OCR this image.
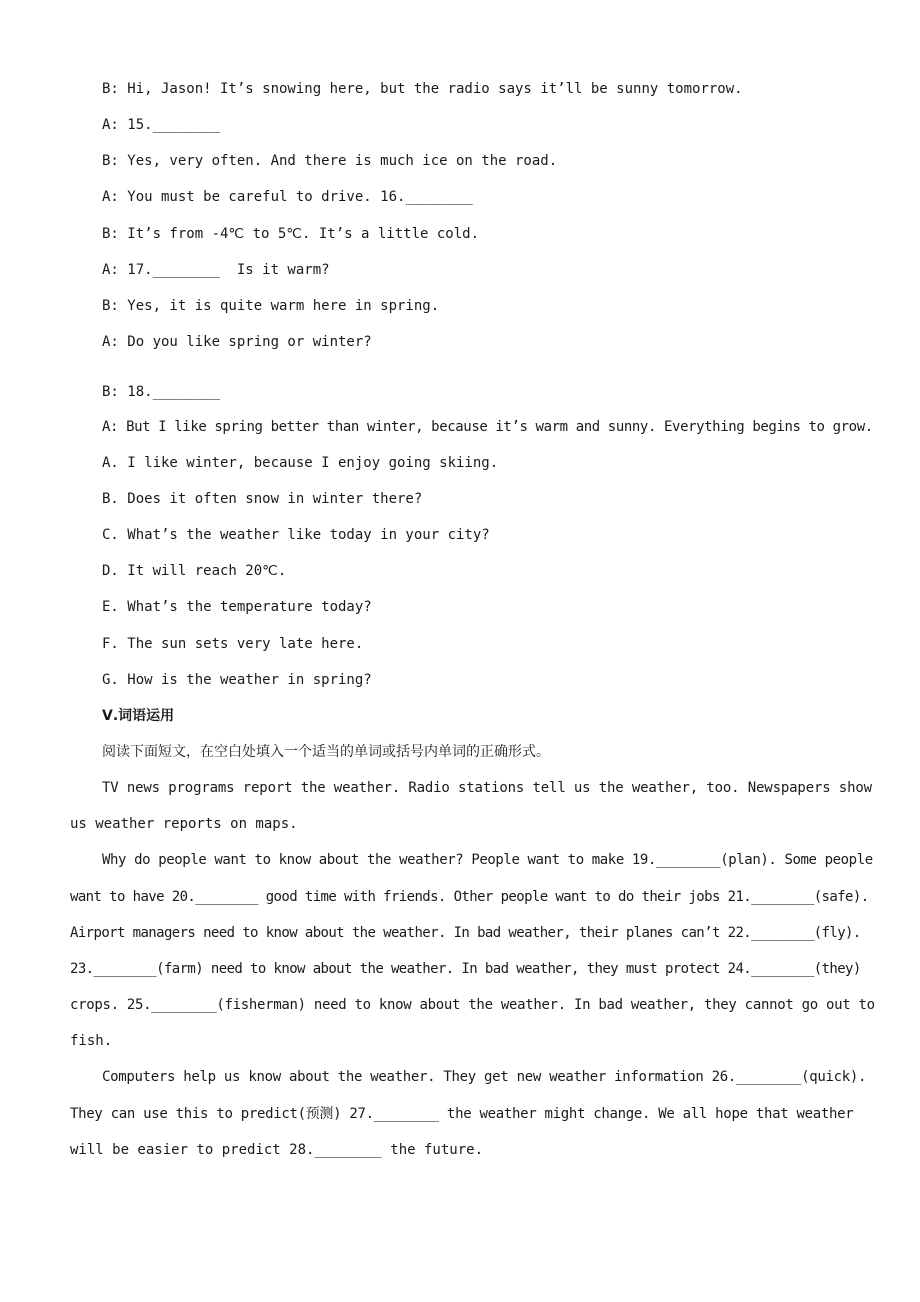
B: Hi, Jason! It’s snowing here, but the radio says it’ll be sunny tomorrow.
A: 15.________
B: Yes, very often. And there is much ice on the road.
A: You must be careful to drive. 16.________
B: It’s from -4℃ to 5℃. It’s a little cold.
A: 17.________  Is it warm?
B: Yes, it is quite warm here in spring.
A: Do you like spring or winter?
B: 18.________
A: But I like spring better than winter, because it’s warm and sunny. Everything begins to grow.
A. I like winter, because I enjoy going skiing.
B. Does it often snow in winter there?
C. What’s the weather like today in your city?
D. It will reach 20℃.
E. What’s the temperature today?
F. The sun sets very late here.
G. How is the weather in spring?
Ⅴ.词语运用
阅读下面短文，在空白处填入一个适当的单词或括号内单词的正确形式。
TV news programs report the weather. Radio stations tell us the weather, too. Newspapers show
us weather reports on maps.
Why do people want to know about the weather? People want to make 19.________(plan). Some people
want to have 20.________ good time with friends. Other people want to do their jobs 21.________(safe).
Airport managers need to know about the weather. In bad weather, their planes can’t 22.________(fly).
23.________(farm) need to know about the weather. In bad weather, they must protect 24.________(they)
crops. 25.________(fisherman) need to know about the weather. In bad weather, they cannot go out to
fish.
Computers help us know about the weather. They get new weather information 26.________(quick).
They can use this to predict(预测) 27.________ the weather might change. We all hope that weather
will be easier to predict 28.________ the future.
